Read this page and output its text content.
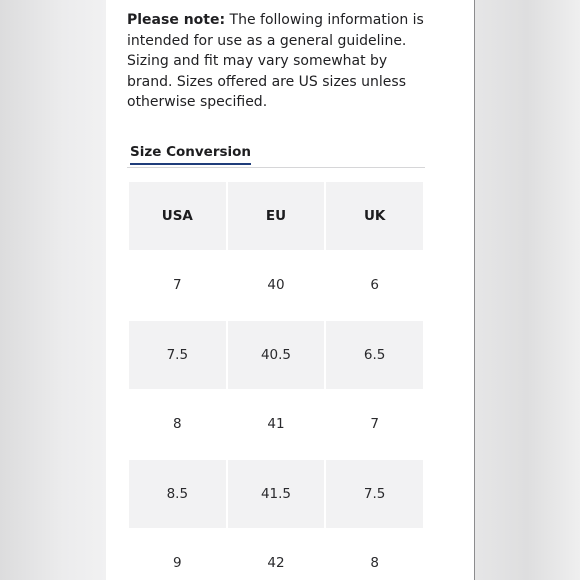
Please note: The following information is intended for use as a general guideline. Sizing and fit may vary somewhat by brand. Sizes offered are US sizes unless otherwise specified.

Size Conversion
USA	EU	UK
7	40	6
7.5	40.5	6.5
8	41	7
8.5	41.5	7.5
9	42	8
